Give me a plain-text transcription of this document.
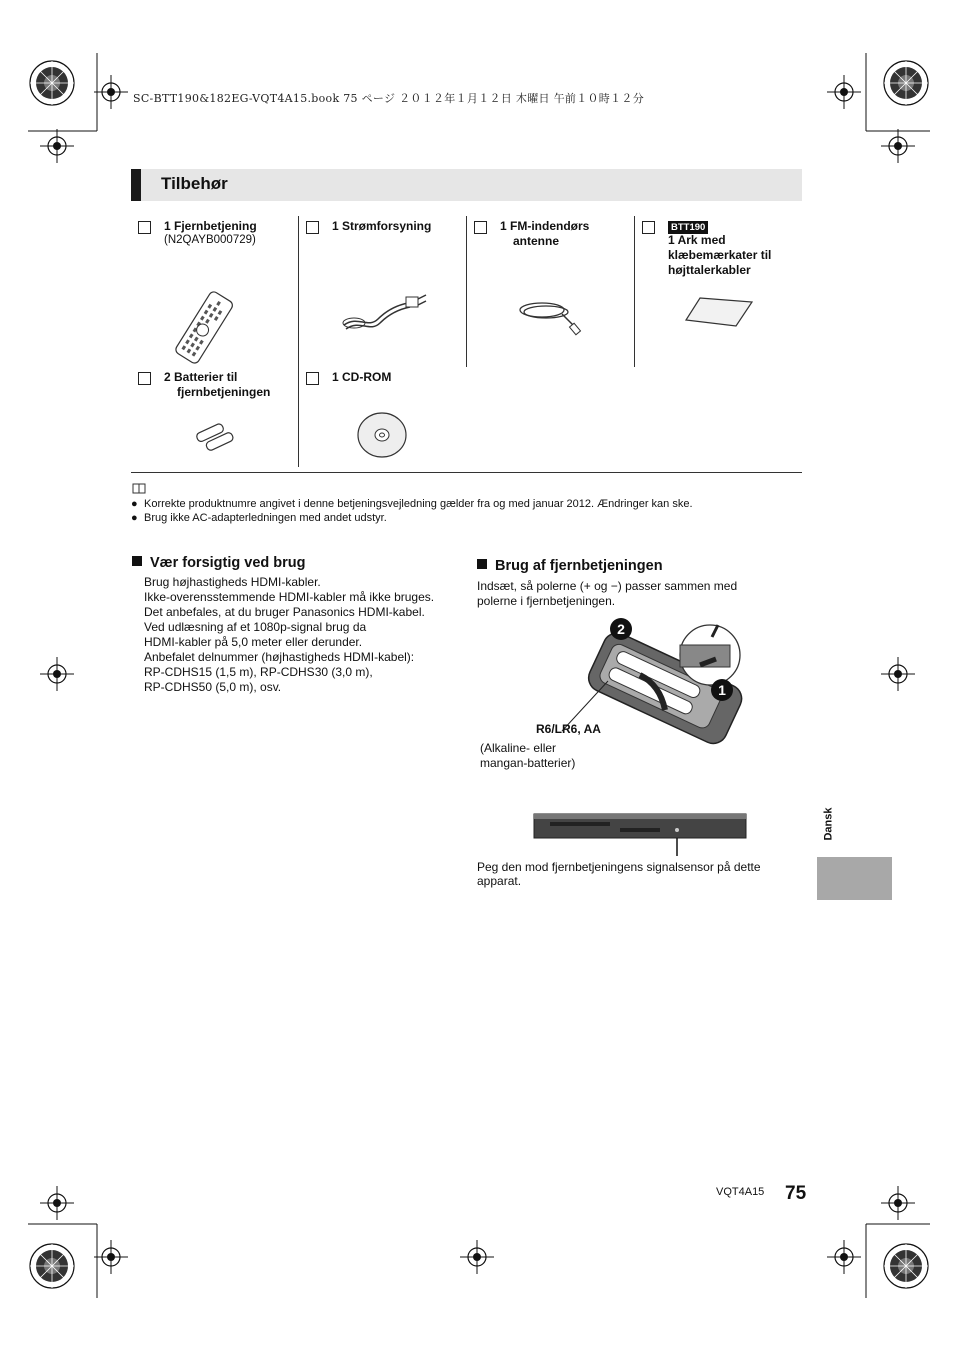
SC-BTT190&182EG-VQT4A15.book 75 ページ ２０１２年１月１２日 木曜日 午前１０時１２分
Tilbehør
1 Fjernbetjening
(N2QAYB000729)
1 Strømforsyning	1 FM-indendørs
antenne
BTT190
1 Ark med
klæbemærkater til
højttalerkabler
2 Batterier til
fjernbetjeningen
1 CD-ROM
● Korrekte produktnumre angivet i denne betjeningsvejledning gælder fra og med januar 2012. Ændringer kan ske.
● Brug ikke AC-adapterledningen med andet udstyr.
Vær forsigtig ved brug
Brug højhastigheds HDMI-kabler.
Ikke-overensstemmende HDMI-kabler må ikke bruges.
Det anbefales, at du bruger Panasonics HDMI-kabel.
Ved udlæsning af et 1080p-signal brug da
HDMI-kabler på 5,0 meter eller derunder.
Anbefalet delnummer (højhastigheds HDMI-kabel):
RP-CDHS15 (1,5 m), RP-CDHS30 (3,0 m),
RP-CDHS50 (5,0 m), osv.
Brug af fjernbetjeningen
Indsæt, så polerne (+ og −) passer sammen med
polerne i fjernbetjeningen.
2
1
R6/LR6, AA
(Alkaline- eller
mangan-batterier)
Peg den mod fjernbetjeningens signalsensor på dette
apparat.
Dansk
VQT4A15 75
